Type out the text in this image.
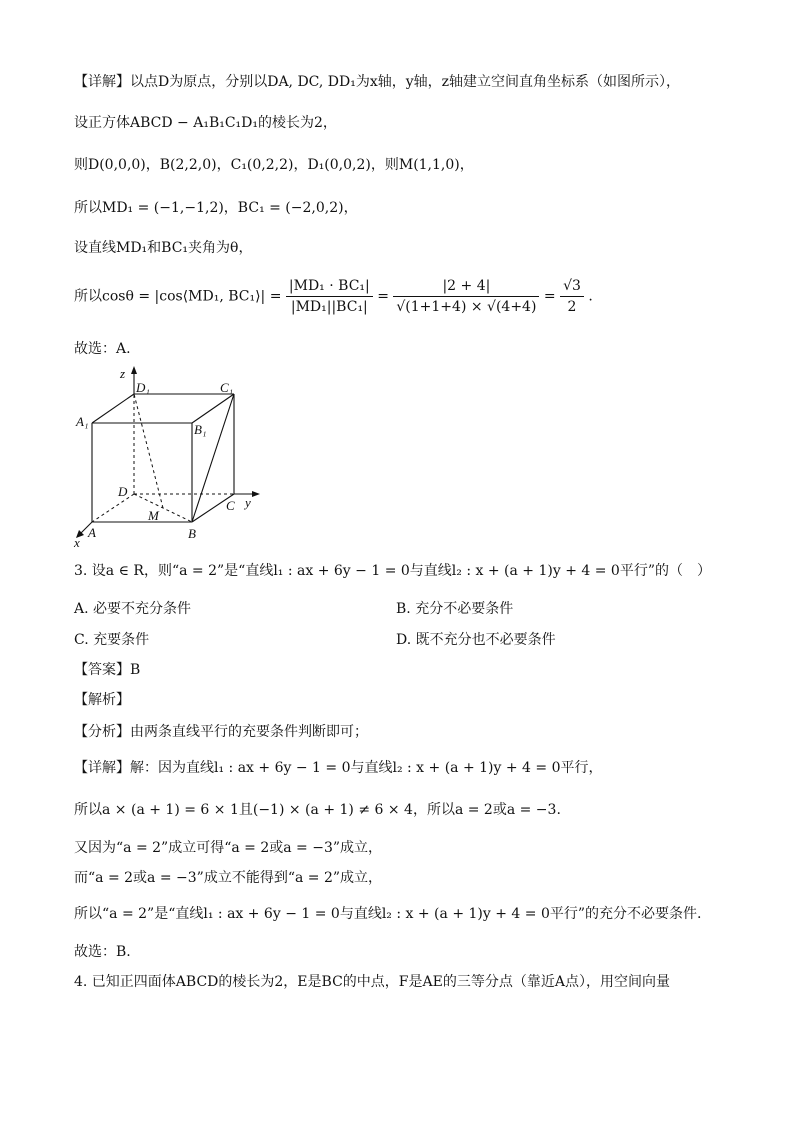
【详解】以点D为原点，分别以DA, DC, DD₁为x轴，y轴，z轴建立空间直角坐标系（如图所示），
设正方体ABCD − A₁B₁C₁D₁的棱长为2，
则D(0,0,0)，B(2,2,0)，C₁(0,2,2)，D₁(0,0,2)，则M(1,1,0)，
所以MD₁ = (−1,−1,2)，BC₁ = (−2,0,2)，
设直线MD₁和BC₁夹角为θ，
所以cosθ = |cos⟨MD₁, BC₁⟩| = $\frac{\text{|MD₁ · BC₁|}}{\text{|MD₁||BC₁|}} = \frac{|2 + 4|}{√(1+1+4) \times √(4+4)} = \frac{√3}{2}$ .
故选：A.
z
D₁	C₁
A₁
B₁
D
C y
M
A	B
x
3. 设a ∈ R，则“a = 2”是“直线l₁ : ax + 6y − 1 = 0与直线l₂ : x + (a + 1)y + 4 = 0平行”的（　）
A. 必要不充分条件	B. 充分不必要条件
C. 充要条件	D. 既不充分也不必要条件
【答案】B
【解析】
【分析】由两条直线平行的充要条件判断即可；
【详解】解：因为直线l₁ : ax + 6y − 1 = 0与直线l₂ : x + (a + 1)y + 4 = 0平行，
所以a × (a + 1) = 6 × 1且(−1) × (a + 1) ≠ 6 × 4，所以a = 2或a = −3.
又因为“a = 2”成立可得“a = 2或a = −3”成立，
而“a = 2或a = −3”成立不能得到“a = 2”成立，
所以“a = 2”是“直线l₁ : ax + 6y − 1 = 0与直线l₂ : x + (a + 1)y + 4 = 0平行”的充分不必要条件.
故选：B.
4. 已知正四面体ABCD的棱长为2，E是BC的中点，F是AE的三等分点（靠近A点），用空间向量
